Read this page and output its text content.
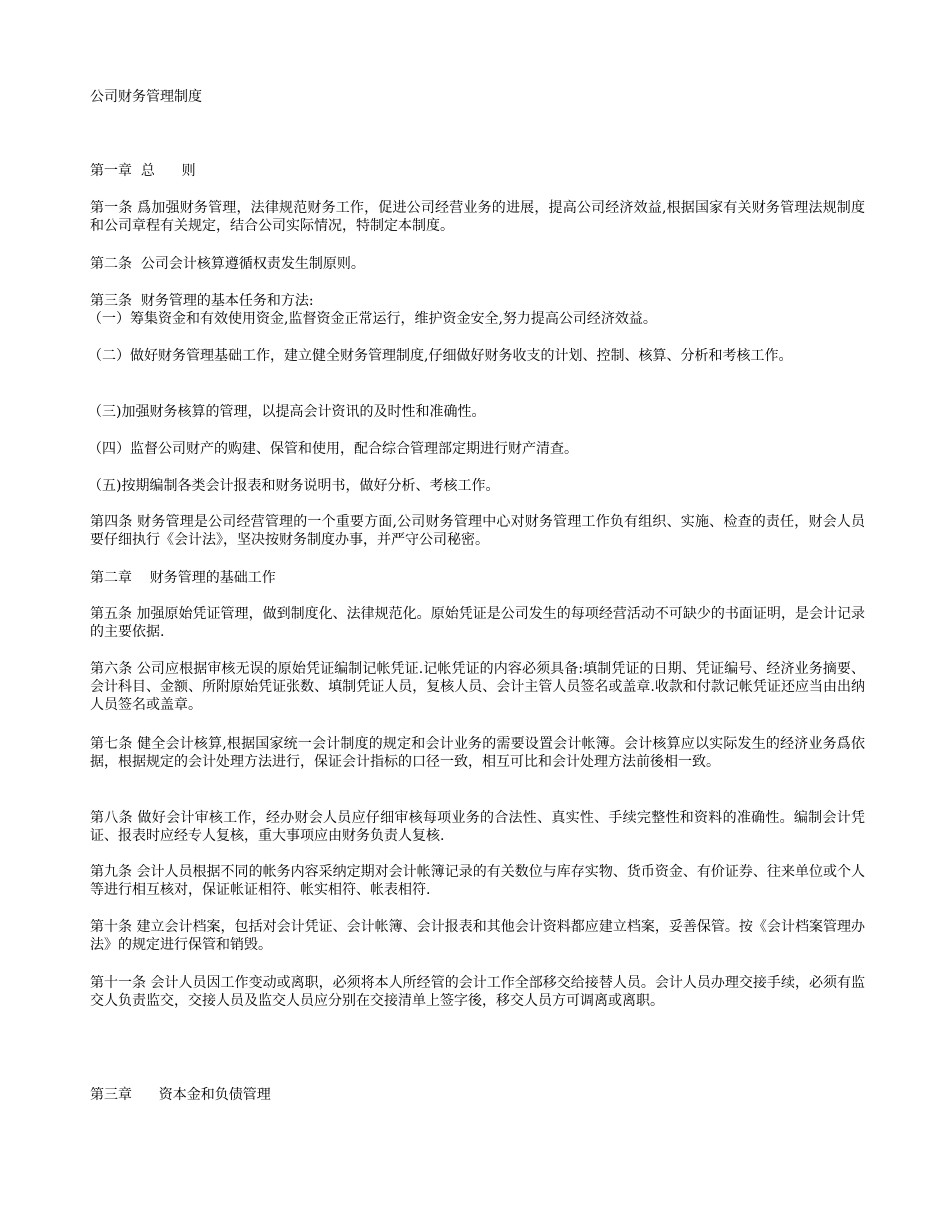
公司财务管理制度
第一章  总      则
第一条 爲加强财务管理，法律规范财务工作，促进公司经营业务的进展，提高公司经济效益,根据国家有关财务管理法规制度和公司章程有关规定，结合公司实际情况，特制定本制度。
第二条  公司会计核算遵循权责发生制原则。
第三条  财务管理的基本任务和方法:
（一）筹集资金和有效使用资金,监督资金正常运行，维护资金安全,努力提高公司经济效益。
（二）做好财务管理基础工作，建立健全财务管理制度,仔细做好财务收支的计划、控制、核算、分析和考核工作。
（三)加强财务核算的管理，以提高会计资讯的及时性和准确性。
（四）监督公司财产的购建、保管和使用，配合综合管理部定期进行财产清查。
（五)按期编制各类会计报表和财务说明书，做好分析、考核工作。
第四条 财务管理是公司经营管理的一个重要方面,公司财务管理中心对财务管理工作负有组织、实施、检查的责任，财会人员要仔细执行《会计法》，坚决按财务制度办事，并严守公司秘密。
第二章    财务管理的基础工作
第五条 加强原始凭证管理，做到制度化、法律规范化。原始凭证是公司发生的每项经营活动不可缺少的书面证明，是会计记录的主要依据.
第六条 公司应根据审核无误的原始凭证编制记帐凭证.记帐凭证的内容必须具备:填制凭证的日期、凭证编号、经济业务摘要、会计科目、金额、所附原始凭证张数、填制凭证人员，复核人员、会计主管人员签名或盖章.收款和付款记帐凭证还应当由出纳人员签名或盖章。
第七条 健全会计核算,根据国家统一会计制度的规定和会计业务的需要设置会计帐簿。会计核算应以实际发生的经济业务爲依据，根据规定的会计处理方法进行，保证会计指标的口径一致，相互可比和会计处理方法前後相一致。
第八条 做好会计审核工作，经办财会人员应仔细审核每项业务的合法性、真实性、手续完整性和资料的准确性。编制会计凭证、报表时应经专人复核，重大事项应由财务负责人复核.
第九条 会计人员根据不同的帐务内容采纳定期对会计帐簿记录的有关数位与库存实物、货币资金、有价证券、往来单位或个人等进行相互核对，保证帐证相符、帐实相符、帐表相符.
第十条 建立会计档案，包括对会计凭证、会计帐簿、会计报表和其他会计资料都应建立档案，妥善保管。按《会计档案管理办法》的规定进行保管和销毁。
第十一条 会计人员因工作变动或离职，必须将本人所经管的会计工作全部移交给接替人员。会计人员办理交接手续，必须有监交人负责监交，交接人员及监交人员应分别在交接清单上签字後，移交人员方可调离或离职。
第三章      资本金和负债管理
